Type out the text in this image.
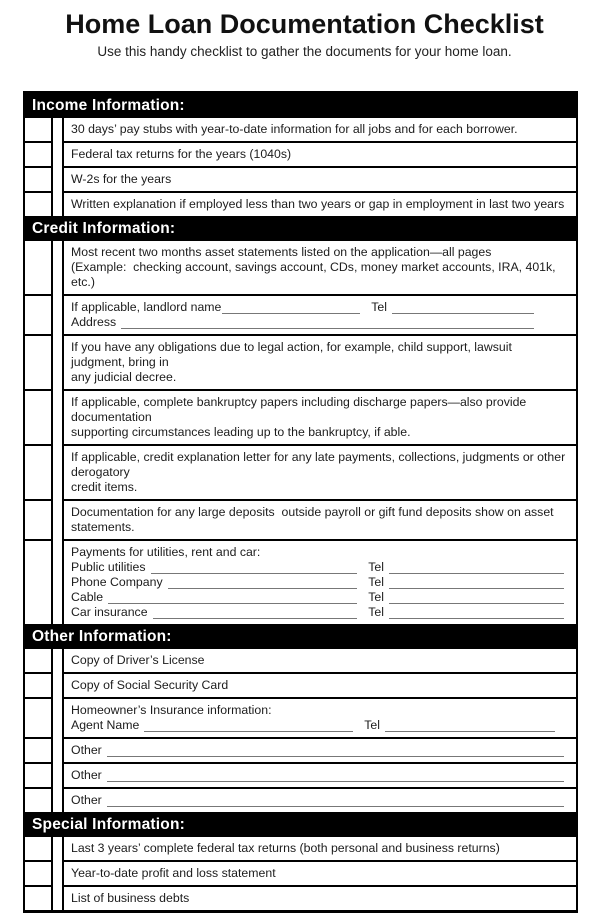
Home Loan Documentation Checklist
Use this handy checklist to gather the documents for your home loan.
Income Information:
30 days’ pay stubs with year-to-date information for all jobs and for each borrower.
Federal tax returns for the years (1040s)
W-2s for the years
Written explanation if employed less than two years or gap in employment in last two years
Credit Information:
Most recent two months asset statements listed on the application—all pages
(Example:  checking account, savings account, CDs, money market accounts, IRA, 401k, etc.)
If applicable, landlord name	Tel
Address
If you have any obligations due to legal action, for example, child support, lawsuit judgment, bring in
any judicial decree.
If applicable, complete bankruptcy papers including discharge papers—also provide documentation
supporting circumstances leading up to the bankruptcy, if able.
If applicable, credit explanation letter for any late payments, collections, judgments or other derogatory
credit items.
Documentation for any large deposits  outside payroll or gift fund deposits show on asset statements.
Payments for utilities, rent and car:
Public utilities	Tel
Phone Company	Tel
Cable	Tel
Car insurance	Tel
Other Information:
Copy of Driver’s License
Copy of Social Security Card
Homeowner’s Insurance information:
Agent Name	Tel
Other
Other
Other
Special Information:
Last 3 years’ complete federal tax returns (both personal and business returns)
Year-to-date profit and loss statement
List of business debts
